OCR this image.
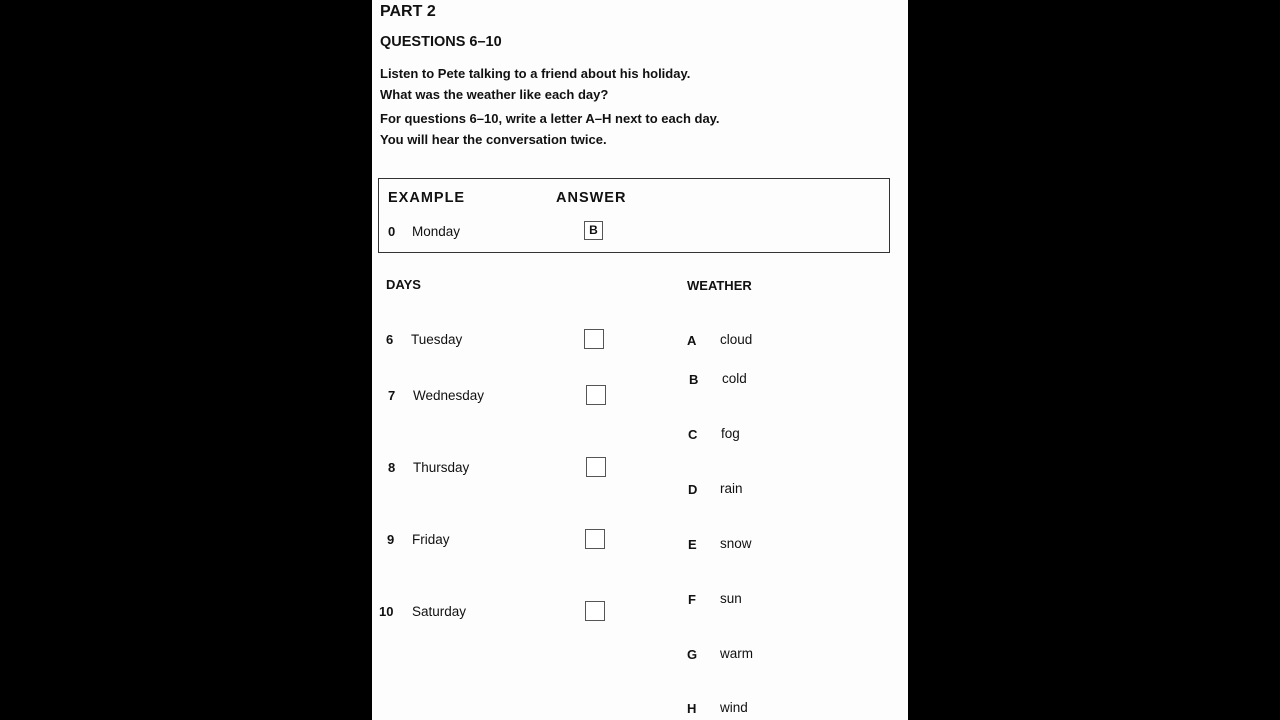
PART 2
QUESTIONS 6–10
Listen to Pete talking to a friend about his holiday.
What was the weather like each day?
For questions 6–10, write a letter A–H next to each day.
You will hear the conversation twice.
EXAMPLE	ANSWER
0 Monday	B
DAYS	WEATHER
6 Tuesday
7 Wednesday
8 Thursday
9 Friday
10 Saturday
A cloud
B cold
C fog
D rain
E snow
F sun
G warm
H wind
